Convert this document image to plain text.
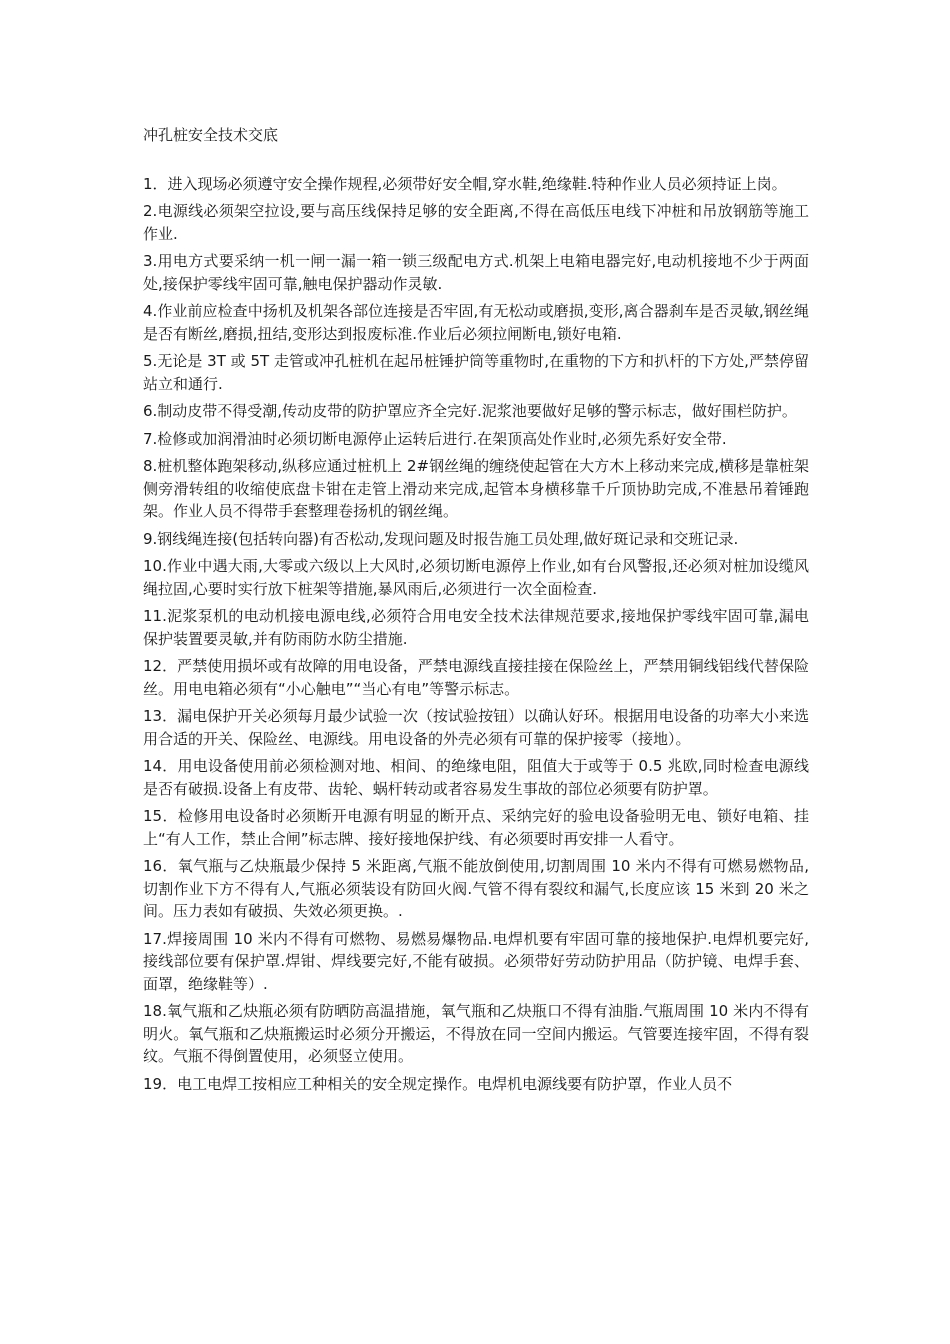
冲孔桩安全技术交底

1．进入现场必须遵守安全操作规程,必须带好安全帽,穿水鞋,绝缘鞋.特种作业人员必须持证上岗。

2.电源线必须架空拉设,要与高压线保持足够的安全距离,不得在高低压电线下冲桩和吊放钢筋等施工作业.

3.用电方式要采纳一机一闸一漏一箱一锁三级配电方式.机架上电箱电器完好,电动机接地不少于两面处,接保护零线牢固可靠,触电保护器动作灵敏.

4.作业前应检查中扬机及机架各部位连接是否牢固,有无松动或磨损,变形,离合器刹车是否灵敏,钢丝绳是否有断丝,磨损,扭结,变形达到报废标准.作业后必须拉闸断电,锁好电箱.

5.无论是 3T 或 5T 走管或冲孔桩机在起吊桩锤护筒等重物时,在重物的下方和扒杆的下方处,严禁停留站立和通行.

6.制动皮带不得受潮,传动皮带的防护罩应齐全完好.泥浆池要做好足够的警示标志，做好围栏防护。

7.检修或加润滑油时必须切断电源停止运转后进行.在架顶高处作业时,必须先系好安全带.

8.桩机整体跑架移动,纵移应通过桩机上 2#钢丝绳的缠绕使起管在大方木上移动来完成,横移是靠桩架侧旁滑转组的收缩使底盘卡钳在走管上滑动来完成,起管本身横移靠千斤顶协助完成,不准悬吊着锤跑架。作业人员不得带手套整理卷扬机的钢丝绳。

9.钢线绳连接(包括转向器)有否松动,发现问题及时报告施工员处理,做好斑记录和交班记录.

10.作业中遇大雨,大零或六级以上大风时,必须切断电源停上作业,如有台风警报,还必须对桩加设缆风绳拉固,心要时实行放下桩架等措施,暴风雨后,必须进行一次全面检查.

11.泥浆泵机的电动机接电源电线,必须符合用电安全技术法律规范要求,接地保护零线牢固可靠,漏电保护装置要灵敏,并有防雨防水防尘措施.

12．严禁使用损坏或有故障的用电设备，严禁电源线直接挂接在保险丝上，严禁用铜线铝线代替保险丝。用电电箱必须有“小心触电”“当心有电”等警示标志。

13．漏电保护开关必须每月最少试验一次（按试验按钮）以确认好环。根据用电设备的功率大小来选用合适的开关、保险丝、电源线。用电设备的外壳必须有可靠的保护接零（接地）。

14．用电设备使用前必须检测对地、相间、的绝缘电阻，阻值大于或等于 0.5 兆欧,同时检查电源线是否有破损.设备上有皮带、齿轮、蜗杆转动或者容易发生事故的部位必须要有防护罩。

15．检修用电设备时必须断开电源有明显的断开点、采纳完好的验电设备验明无电、锁好电箱、挂上“有人工作，禁止合闸”标志牌、接好接地保护线、有必须要时再安排一人看守。

16．氧气瓶与乙炔瓶最少保持 5 米距离,气瓶不能放倒使用,切割周围 10 米内不得有可燃易燃物品,切割作业下方不得有人,气瓶必须装设有防回火阀.气管不得有裂纹和漏气,长度应该 15 米到 20 米之间。压力表如有破损、失效必须更换。.

17.焊接周围 10 米内不得有可燃物、易燃易爆物品.电焊机要有牢固可靠的接地保护.电焊机要完好,接线部位要有保护罩.焊钳、焊线要完好,不能有破损。必须带好劳动防护用品（防护镜、电焊手套、面罩，绝缘鞋等）.

18.氧气瓶和乙炔瓶必须有防晒防高温措施，氧气瓶和乙炔瓶口不得有油脂.气瓶周围 10 米内不得有明火。氧气瓶和乙炔瓶搬运时必须分开搬运，不得放在同一空间内搬运。气管要连接牢固，不得有裂纹。气瓶不得倒置使用，必须竖立使用。

19．电工电焊工按相应工种相关的安全规定操作。电焊机电源线要有防护罩，作业人员不
